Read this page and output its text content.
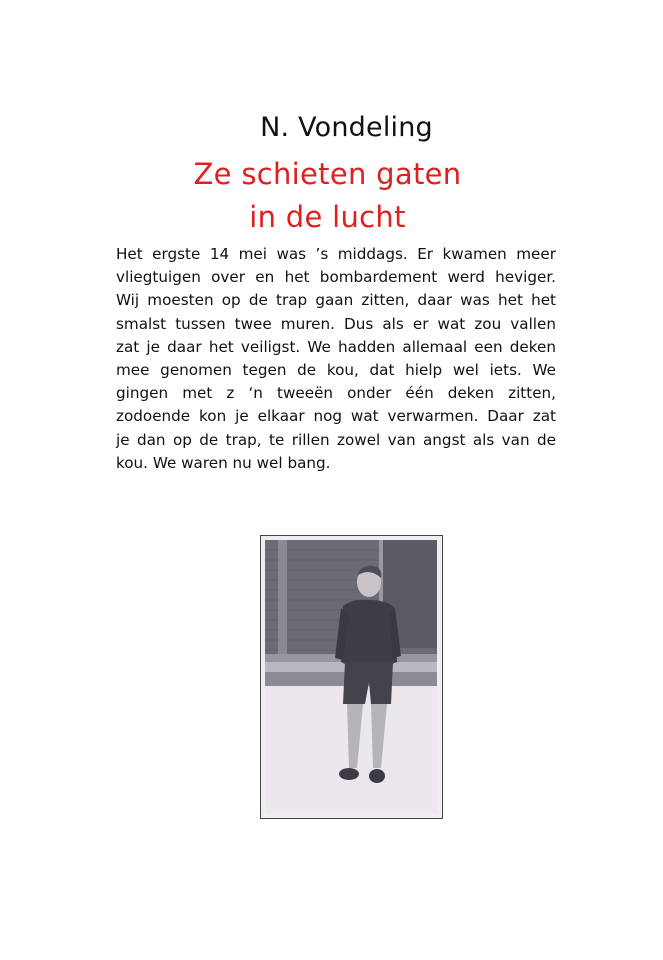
N. Vondeling
Ze schieten gaten
in de lucht
Het ergste 14 mei was ’s middags. Er kwamen meer
vliegtuigen over en het bombardement werd heviger.
Wij moesten op de trap gaan zitten, daar was het het
smalst tussen twee muren. Dus als er wat zou vallen
zat je daar het veiligst. We hadden allemaal een deken
mee genomen tegen de kou, dat hielp wel iets. We
gingen met z ‘n tweeën onder één deken zitten,
zodoende kon je elkaar nog wat verwarmen. Daar zat
je dan op de trap, te rillen zowel van angst als van de
kou. We waren nu wel bang.
